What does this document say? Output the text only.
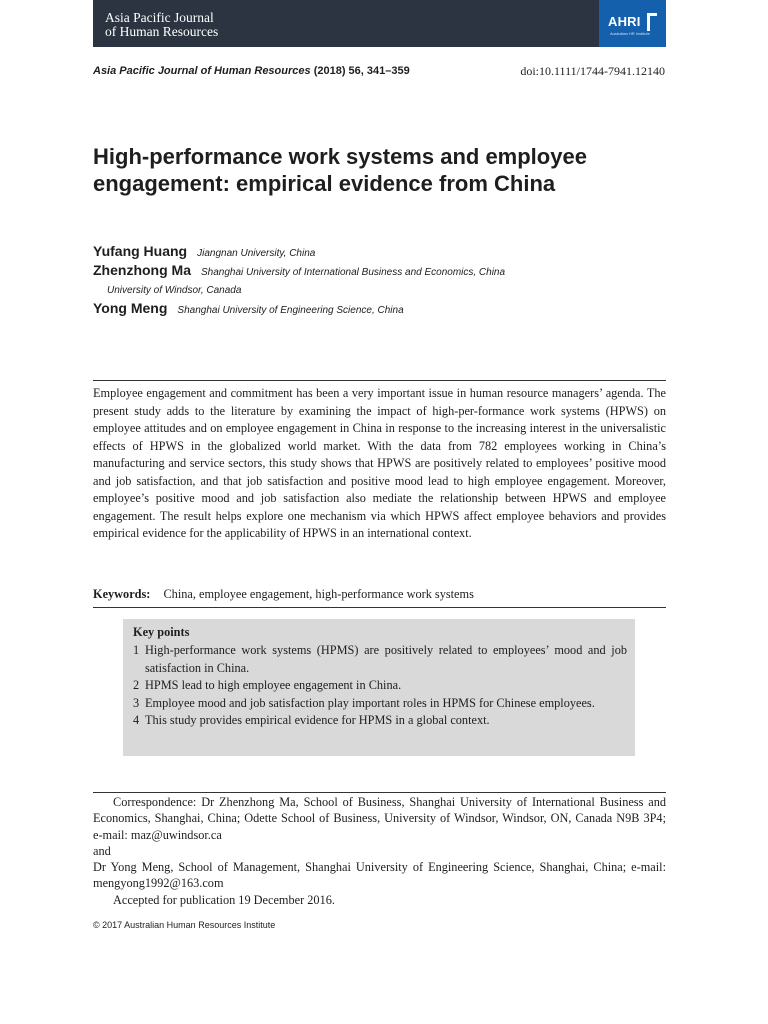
Asia Pacific Journal
of Human Resources
AHRI
Australian HR Institute
Asia Pacific Journal of Human Resources (2018) 56, 341–359	doi:10.1111/1744-7941.12140
High-performance work systems and employee engagement: empirical evidence from China
Yufang Huang Jiangnan University, China
Zhenzhong Ma Shanghai University of International Business and Economics, China
University of Windsor, Canada
Yong Meng Shanghai University of Engineering Science, China

Employee engagement and commitment has been a very important issue in human resource managers’ agenda. The present study adds to the literature by examining the impact of high-per-formance work systems (HPWS) on employee attitudes and on employee engagement in China in response to the increasing interest in the universalistic effects of HPWS in the globalized world market. With the data from 782 employees working in China’s manufacturing and service sectors, this study shows that HPWS are positively related to employees’ positive mood and job satisfaction, and that job satisfaction and positive mood lead to high employee engagement. Moreover, employee’s positive mood and job satisfaction also mediate the relationship between HPWS and employee engagement. The result helps explore one mechanism via which HPWS affect employee behaviors and provides empirical evidence for the applicability of HPWS in an international context.

Keywords: China, employee engagement, high-performance work systems
Key points
1 High-performance work systems (HPMS) are positively related to employees’ mood and job satisfaction in China.
2 HPMS lead to high employee engagement in China.
3 Employee mood and job satisfaction play important roles in HPMS for Chinese employees.
4 This study provides empirical evidence for HPMS in a global context.

Correspondence: Dr Zhenzhong Ma, School of Business, Shanghai University of International Business and Economics, Shanghai, China; Odette School of Business, University of Windsor, Windsor, ON, Canada N9B 3P4; e-mail: maz@uwindsor.ca

and

Dr Yong Meng, School of Management, Shanghai University of Engineering Science, Shanghai, China; e-mail: mengyong1992@163.com

Accepted for publication 19 December 2016.

© 2017 Australian Human Resources Institute
